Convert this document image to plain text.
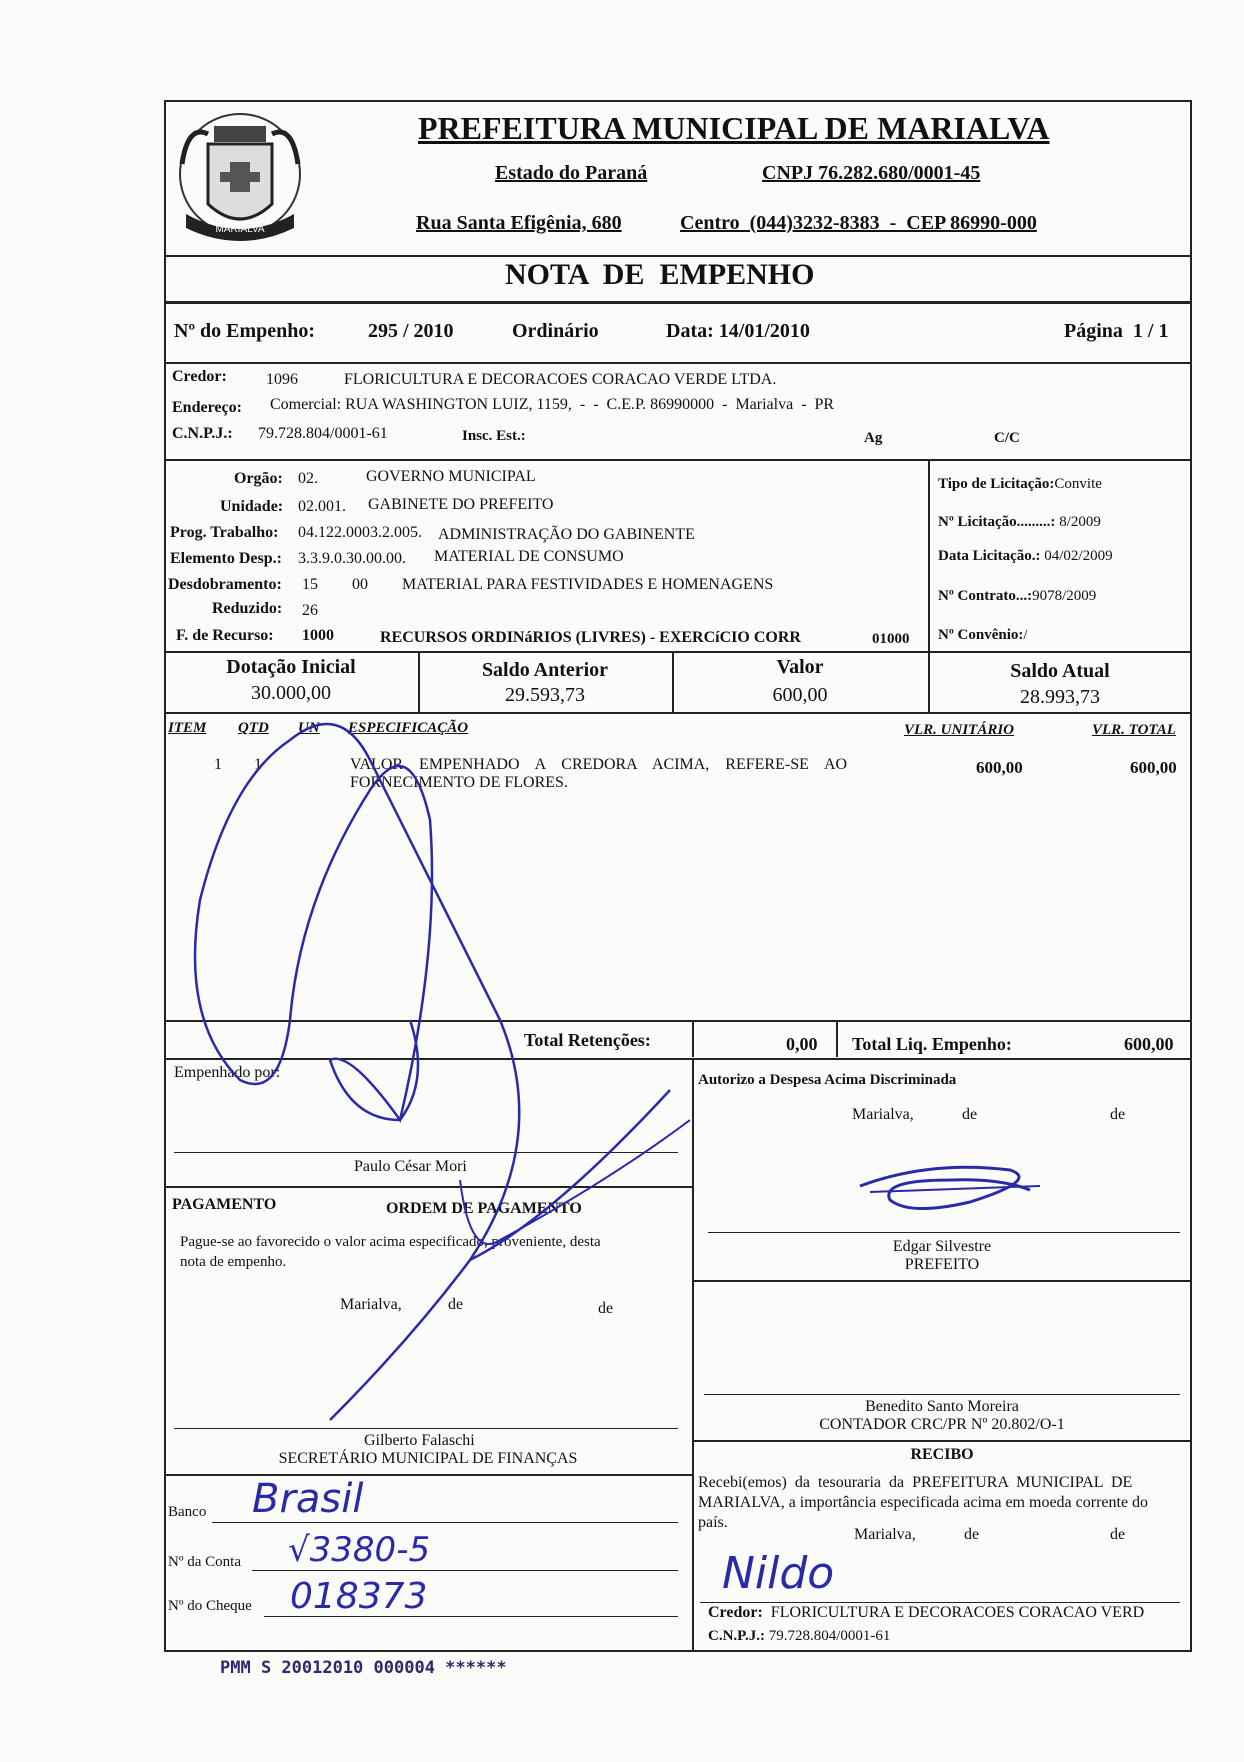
MARIALVA
PREFEITURA MUNICIPAL DE MARIALVA
Estado do Paraná	CNPJ 76.282.680/0001-45
Rua Santa Efigênia, 680	Centro  (044)3232-8383  -  CEP 86990-000
NOTA  DE  EMPENHO
Nº do Empenho:	295 / 2010	Ordinário	Data: 14/01/2010	Página  1 / 1
Credor: 1096	FLORICULTURA E DECORACOES CORACAO VERDE LTDA.
Endereço: Comercial: RUA WASHINGTON LUIZ, 1159,  -  -  C.E.P. 86990000  -  Marialva  -  PR
C.N.P.J.: 79.728.804/0001-61	Insc. Est.:	Ag	C/C
Orgão: 02.	GOVERNO MUNICIPAL
Unidade: 02.001. GABINETE DO PREFEITO
Prog. Trabalho: 04.122.0003.2.005. ADMINISTRAÇÃO DO GABINENTE
Elemento Desp.: 3.3.9.0.30.00.00. MATERIAL DE CONSUMO
Desdobramento: 15 00 MATERIAL PARA FESTIVIDADES E HOMENAGENS
Reduzido: 26
F. de Recurso: 1000	RECURSOS ORDINáRIOS (LIVRES) - EXERCíCIO CORR	01000
Tipo de Licitação:Convite
Nº Licitação.........: 8/2009
Data Licitação.: 04/02/2009
Nº Contrato...:9078/2009
Nº Convênio:/
Dotação Inicial
30.000,00
Saldo Anterior
29.593,73
Valor
600,00
Saldo Atual
28.993,73
ITEM QTD UN ESPECIFICAÇÃO	VLR. UNITÁRIO	VLR. TOTAL
1 1	VALOR    EMPENHADO    A    CREDORA    ACIMA,    REFERE-SE    AO
FORNECIMENTO DE FLORES.
600,00	600,00
Total Retenções:	0,00 Total Liq. Empenho:	600,00
Empenhado por:
Paulo César Mori
Autorizo a Despesa Acima Discriminada
Marialva,	de	de
Edgar Silvestre
PREFEITO
PAGAMENTO	ORDEM DE PAGAMENTO
Pague-se ao favorecido o valor acima especificado, proveniente, desta
nota de empenho.
Marialva,	de	de
Gilberto Falaschi
SECRETÁRIO MUNICIPAL DE FINANÇAS
Benedito Santo Moreira
CONTADOR CRC/PR Nº 20.802/O-1
Banco Brasil
Nº da Conta √3380-5
Nº do Cheque 018373
RECIBO
Recebi(emos)  da  tesouraria  da  PREFEITURA  MUNICIPAL  DE
MARIALVA, a importância especificada acima em moeda corrente do
país.
Marialva,	de	de
Nildo
Credor: FLORICULTURA E DECORACOES CORACAO VERD
C.N.P.J.: 79.728.804/0001-61
PMM S 20012010 000004 ******
